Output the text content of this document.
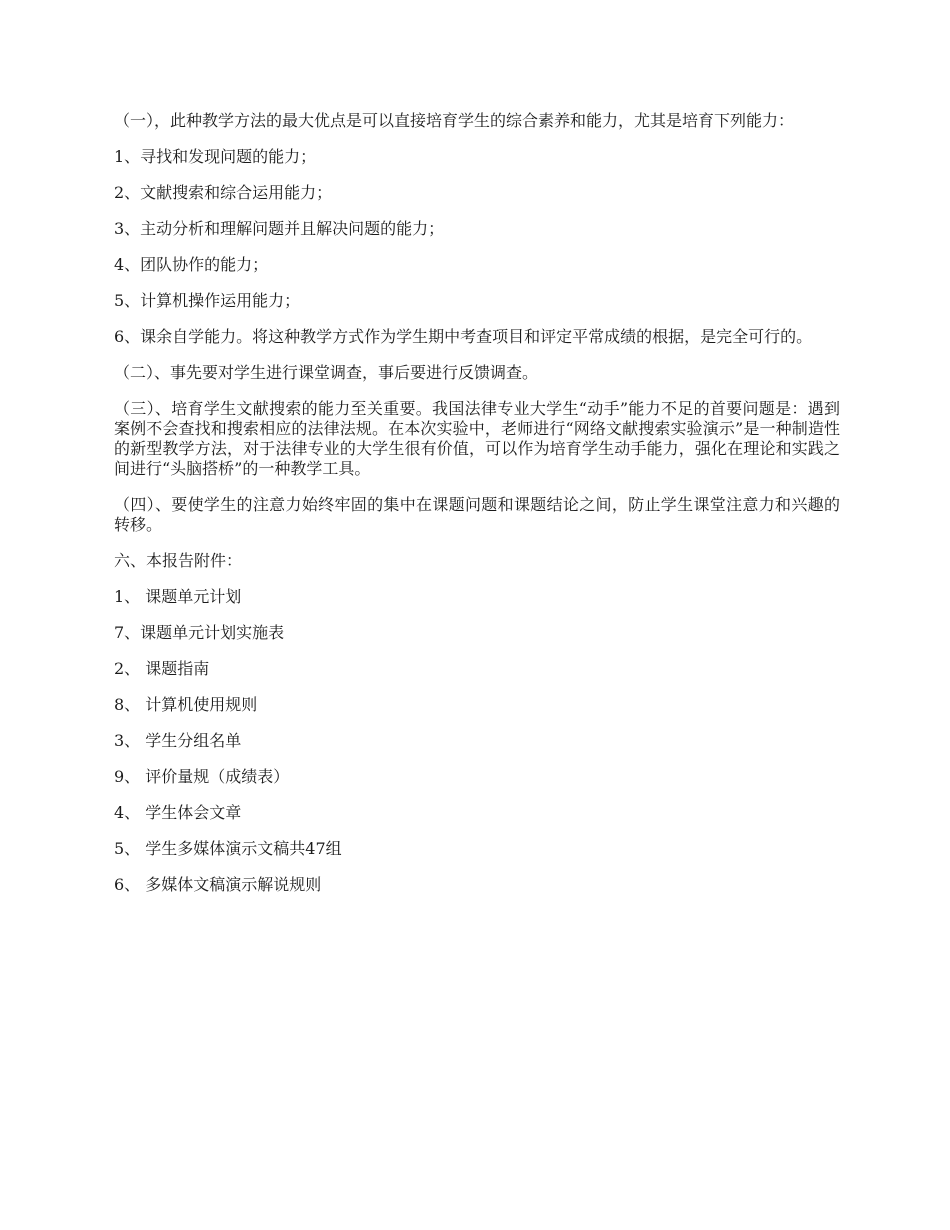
（一），此种教学方法的最大优点是可以直接培育学生的综合素养和能力，尤其是培育下列能力：

1、寻找和发现问题的能力；

2、文献搜索和综合运用能力；

3、主动分析和理解问题并且解决问题的能力；

4、团队协作的能力；

5、计算机操作运用能力；

6、课余自学能力。将这种教学方式作为学生期中考查项目和评定平常成绩的根据，是完全可行的。

（二）、事先要对学生进行课堂调查，事后要进行反馈调查。

（三）、培育学生文献搜索的能力至关重要。我国法律专业大学生“动手”能力不足的首要问题是：遇到案例不会查找和搜索相应的法律法规。在本次实验中，老师进行“网络文献搜索实验演示”是一种制造性的新型教学方法，对于法律专业的大学生很有价值，可以作为培育学生动手能力，强化在理论和实践之间进行“头脑搭桥”的一种教学工具。

（四）、要使学生的注意力始终牢固的集中在课题问题和课题结论之间，防止学生课堂注意力和兴趣的转移。

六、本报告附件：

1、 课题单元计划

7、课题单元计划实施表

2、 课题指南

8、 计算机使用规则

3、 学生分组名单

9、 评价量规（成绩表）

4、 学生体会文章

5、 学生多媒体演示文稿共47组

6、 多媒体文稿演示解说规则
